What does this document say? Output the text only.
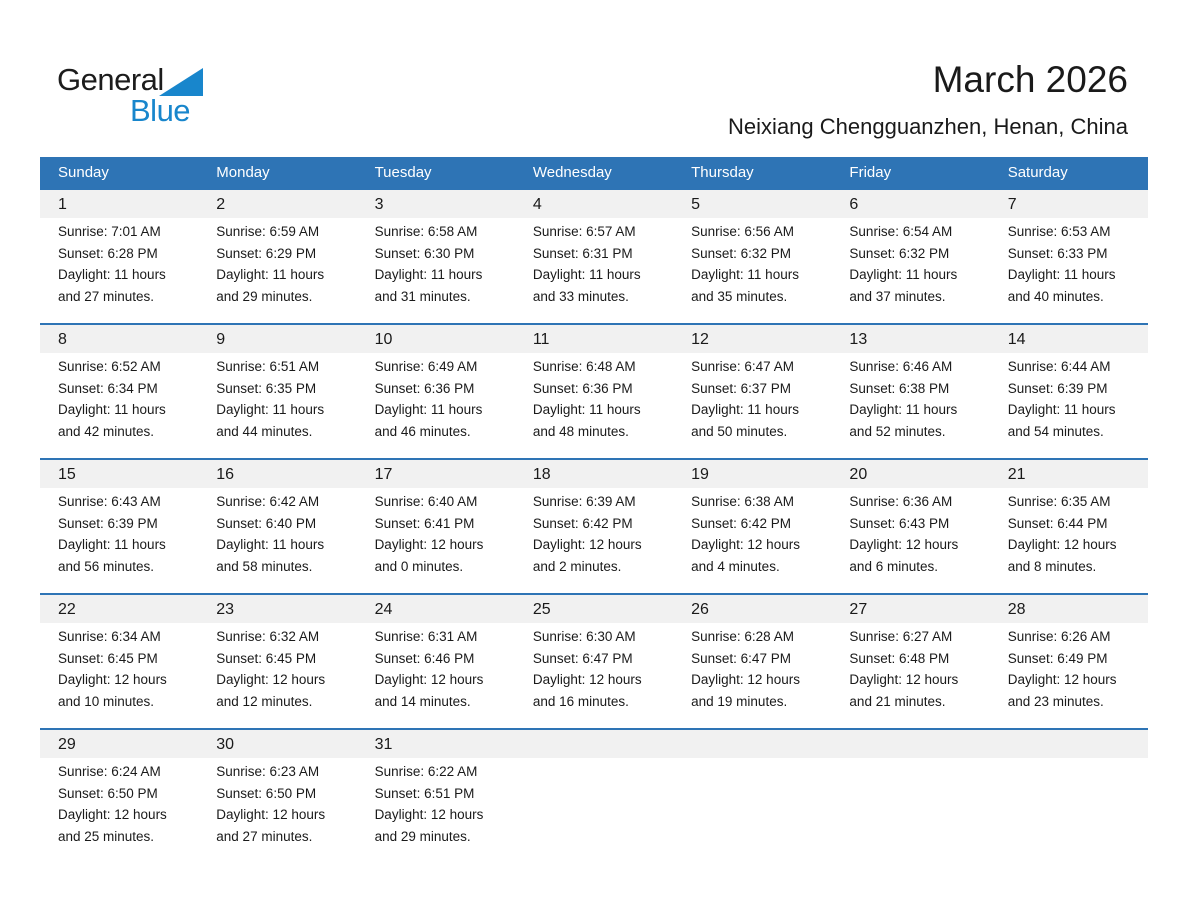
General
Blue
March 2026
Neixiang Chengguanzhen, Henan, China
Sunday	Monday	Tuesday	Wednesday	Thursday	Friday	Saturday
1	2	3	4	5	6	7
Sunrise: 7:01 AM
Sunset: 6:28 PM
Daylight: 11 hours and 27 minutes.
Sunrise: 6:59 AM
Sunset: 6:29 PM
Daylight: 11 hours and 29 minutes.
Sunrise: 6:58 AM
Sunset: 6:30 PM
Daylight: 11 hours and 31 minutes.
Sunrise: 6:57 AM
Sunset: 6:31 PM
Daylight: 11 hours and 33 minutes.
Sunrise: 6:56 AM
Sunset: 6:32 PM
Daylight: 11 hours and 35 minutes.
Sunrise: 6:54 AM
Sunset: 6:32 PM
Daylight: 11 hours and 37 minutes.
Sunrise: 6:53 AM
Sunset: 6:33 PM
Daylight: 11 hours and 40 minutes.
8	9	10	11	12	13	14
Sunrise: 6:52 AM
Sunset: 6:34 PM
Daylight: 11 hours and 42 minutes.
Sunrise: 6:51 AM
Sunset: 6:35 PM
Daylight: 11 hours and 44 minutes.
Sunrise: 6:49 AM
Sunset: 6:36 PM
Daylight: 11 hours and 46 minutes.
Sunrise: 6:48 AM
Sunset: 6:36 PM
Daylight: 11 hours and 48 minutes.
Sunrise: 6:47 AM
Sunset: 6:37 PM
Daylight: 11 hours and 50 minutes.
Sunrise: 6:46 AM
Sunset: 6:38 PM
Daylight: 11 hours and 52 minutes.
Sunrise: 6:44 AM
Sunset: 6:39 PM
Daylight: 11 hours and 54 minutes.
15	16	17	18	19	20	21
Sunrise: 6:43 AM
Sunset: 6:39 PM
Daylight: 11 hours and 56 minutes.
Sunrise: 6:42 AM
Sunset: 6:40 PM
Daylight: 11 hours and 58 minutes.
Sunrise: 6:40 AM
Sunset: 6:41 PM
Daylight: 12 hours and 0 minutes.
Sunrise: 6:39 AM
Sunset: 6:42 PM
Daylight: 12 hours and 2 minutes.
Sunrise: 6:38 AM
Sunset: 6:42 PM
Daylight: 12 hours and 4 minutes.
Sunrise: 6:36 AM
Sunset: 6:43 PM
Daylight: 12 hours and 6 minutes.
Sunrise: 6:35 AM
Sunset: 6:44 PM
Daylight: 12 hours and 8 minutes.
22	23	24	25	26	27	28
Sunrise: 6:34 AM
Sunset: 6:45 PM
Daylight: 12 hours and 10 minutes.
Sunrise: 6:32 AM
Sunset: 6:45 PM
Daylight: 12 hours and 12 minutes.
Sunrise: 6:31 AM
Sunset: 6:46 PM
Daylight: 12 hours and 14 minutes.
Sunrise: 6:30 AM
Sunset: 6:47 PM
Daylight: 12 hours and 16 minutes.
Sunrise: 6:28 AM
Sunset: 6:47 PM
Daylight: 12 hours and 19 minutes.
Sunrise: 6:27 AM
Sunset: 6:48 PM
Daylight: 12 hours and 21 minutes.
Sunrise: 6:26 AM
Sunset: 6:49 PM
Daylight: 12 hours and 23 minutes.
29	30	31
Sunrise: 6:24 AM
Sunset: 6:50 PM
Daylight: 12 hours and 25 minutes.
Sunrise: 6:23 AM
Sunset: 6:50 PM
Daylight: 12 hours and 27 minutes.
Sunrise: 6:22 AM
Sunset: 6:51 PM
Daylight: 12 hours and 29 minutes.
